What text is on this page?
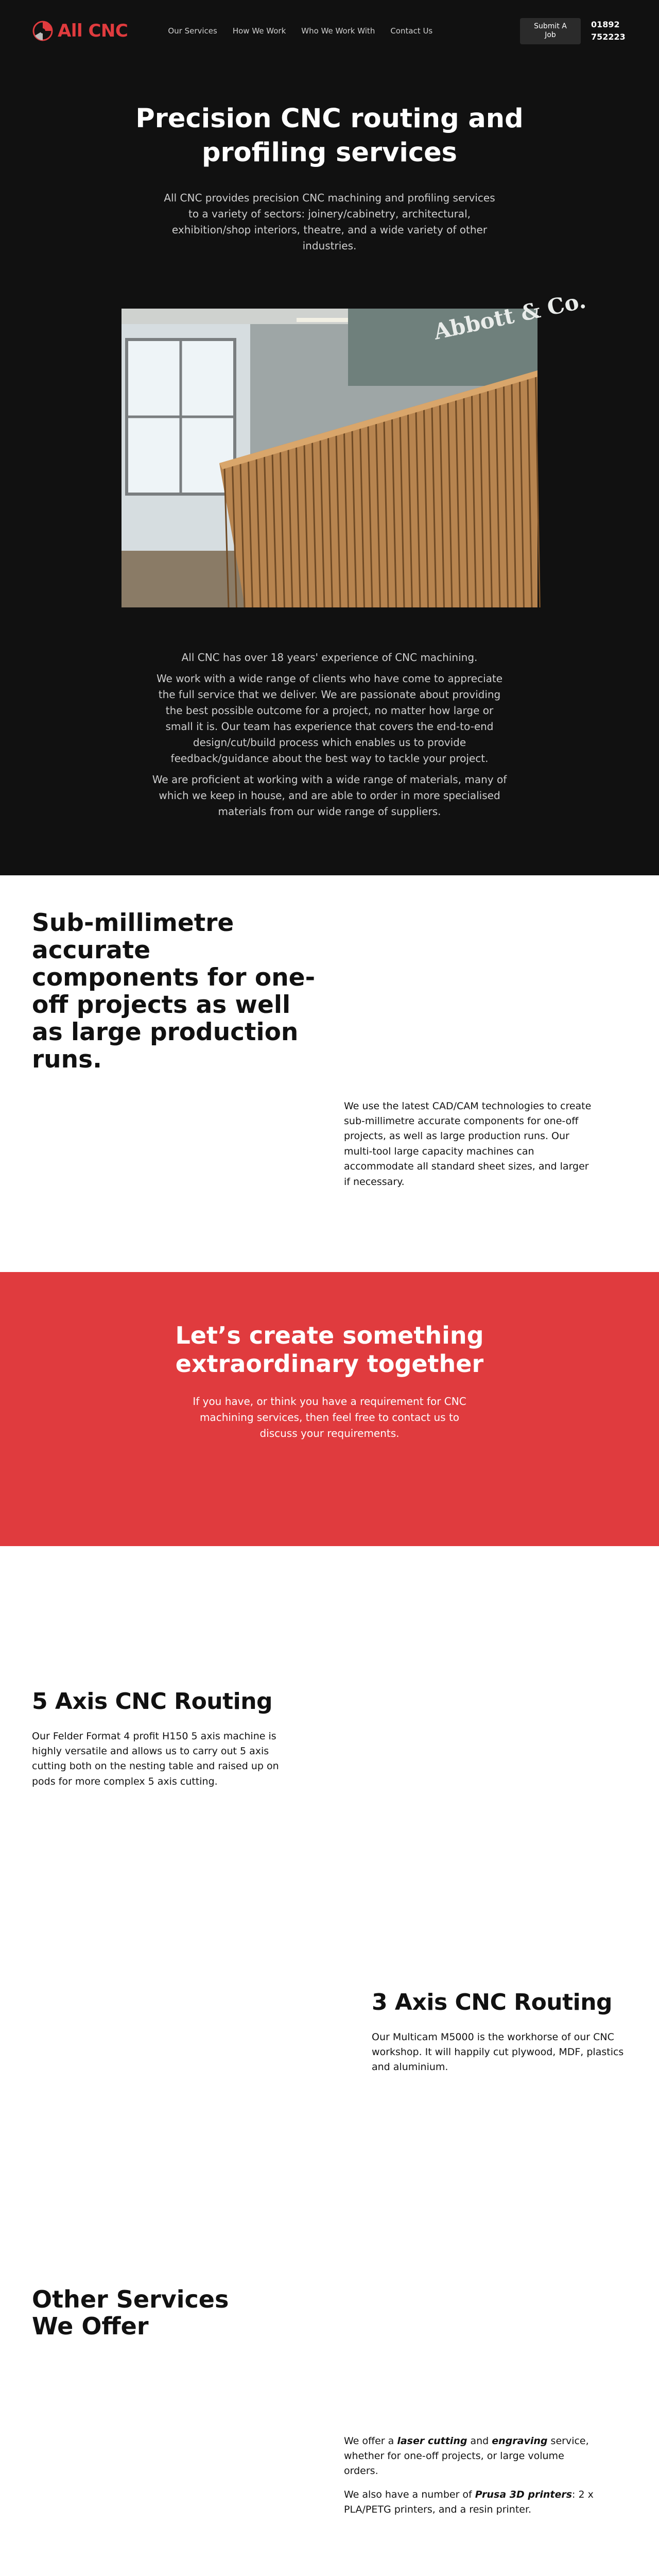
All CNC	Our Services How We Work Who We Work With Contact Us
Submit A Job
01892 752223
Precision CNC routing and profiling services

All CNC provides precision CNC machining and profiling services to a variety of sectors: joinery/cabinetry, architectural, exhibition/shop interiors, theatre, and a wide variety of other industries.

Abbott & Co.

All CNC has over 18 years' experience of CNC machining.

We work with a wide range of clients who have come to appreciate the full service that we deliver. We are passionate about providing the best possible outcome for a project, no matter how large or small it is. Our team has experience that covers the end-to-end design/cut/build process which enables us to provide feedback/guidance about the best way to tackle your project.

We are proficient at working with a wide range of materials, many of which we keep in house, and are able to order in more specialised materials from our wide range of suppliers.

Sub-millimetre accurate components for one-off projects as well as large production runs.

We use the latest CAD/CAM technologies to create sub-millimetre accurate components for one-off projects, as well as large production runs. Our multi-tool large capacity machines can accommodate all standard sheet sizes, and larger if necessary.

Let’s create something extraordinary together

If you have, or think you have a requirement for CNC machining services, then feel free to contact us to discuss your requirements.

5 Axis CNC Routing

Our Felder Format 4 profit H150 5 axis machine is highly versatile and allows us to carry out 5 axis cutting both on the nesting table and raised up on pods for more complex 5 axis cutting.

3 Axis CNC Routing

Our Multicam M5000 is the workhorse of our CNC workshop. It will happily cut plywood, MDF, plastics and aluminium.

Other Services We Offer

We offer a laser cutting and engraving service, whether for one-off projects, or large volume orders.

We also have a number of Prusa 3D printers: 2 x PLA/PETG printers, and a resin printer.
